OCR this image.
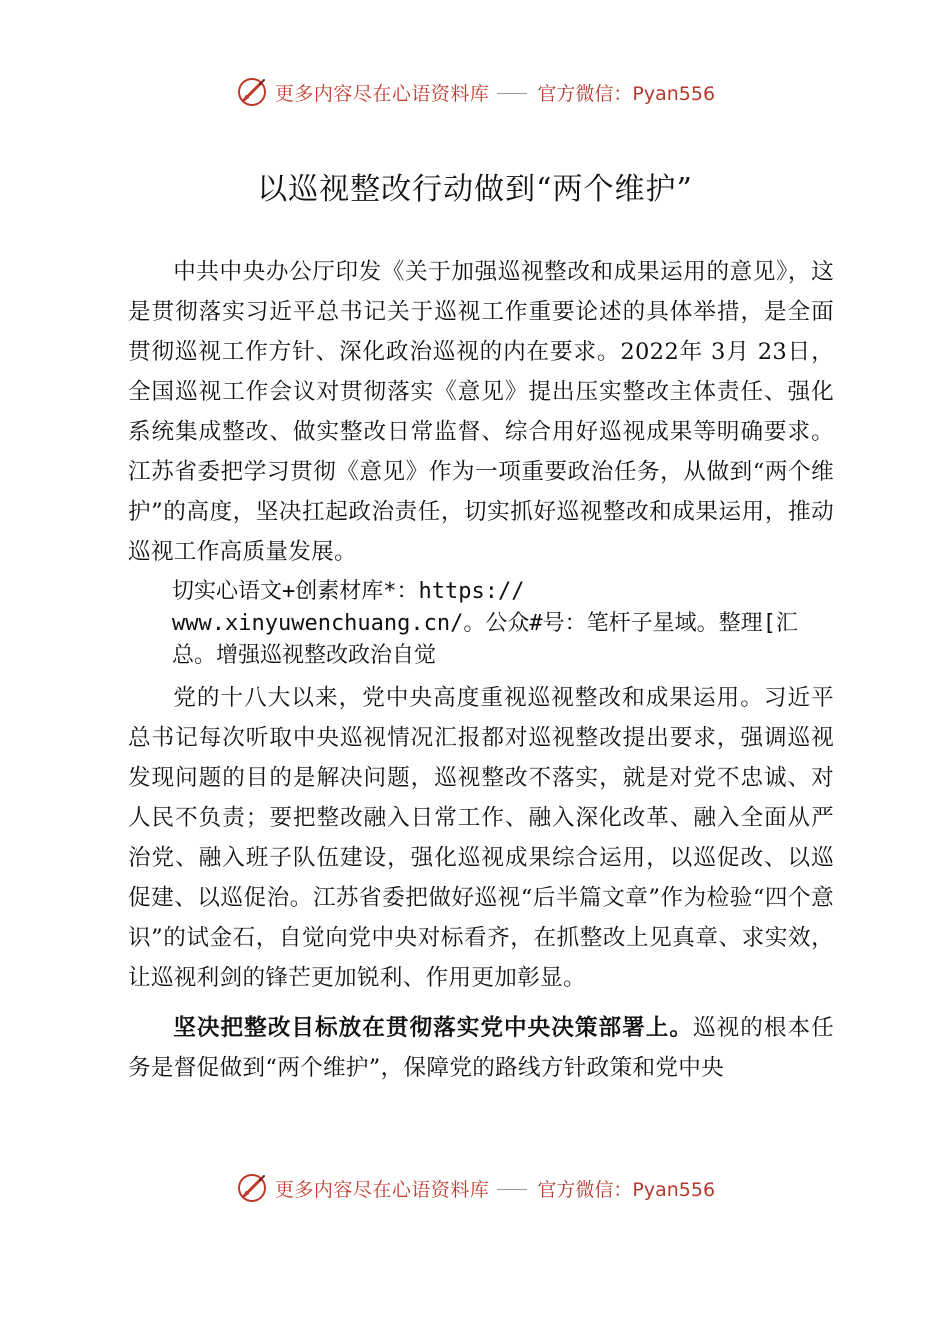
更多内容尽在心语资料库	官方微信：Pyan556
以巡视整改行动做到“两个维护”

中共中央办公厅印发《关于加强巡视整改和成果运用的意见》，这是贯彻落实习近平总书记关于巡视工作重要论述的具体举措，是全面贯彻巡视工作方针、深化政治巡视的内在要求。2022年 3月 23日，全国巡视工作会议对贯彻落实《意见》提出压实整改主体责任、强化系统集成整改、做实整改日常监督、综合用好巡视成果等明确要求。江苏省委把学习贯彻《意见》作为一项重要政治任务，从做到“两个维护”的高度，坚决扛起政治责任，切实抓好巡视整改和成果运用，推动巡视工作高质量发展。

切实心语文+创素材库*：https://
www.xinyuwenchuang.cn/。公众#号：笔杆子星域。整理[汇
总。增强巡视整改政治自觉

党的十八大以来，党中央高度重视巡视整改和成果运用。习近平总书记每次听取中央巡视情况汇报都对巡视整改提出要求，强调巡视发现问题的目的是解决问题，巡视整改不落实，就是对党不忠诚、对人民不负责；要把整改融入日常工作、融入深化改革、融入全面从严治党、融入班子队伍建设，强化巡视成果综合运用，以巡促改、以巡促建、以巡促治。江苏省委把做好巡视“后半篇文章”作为检验“四个意识”的试金石，自觉向党中央对标看齐，在抓整改上见真章、求实效，让巡视利剑的锋芒更加锐利、作用更加彰显。

坚决把整改目标放在贯彻落实党中央决策部署上。巡视的根本任务是督促做到“两个维护”，保障党的路线方针政策和党中央

更多内容尽在心语资料库	官方微信：Pyan556
